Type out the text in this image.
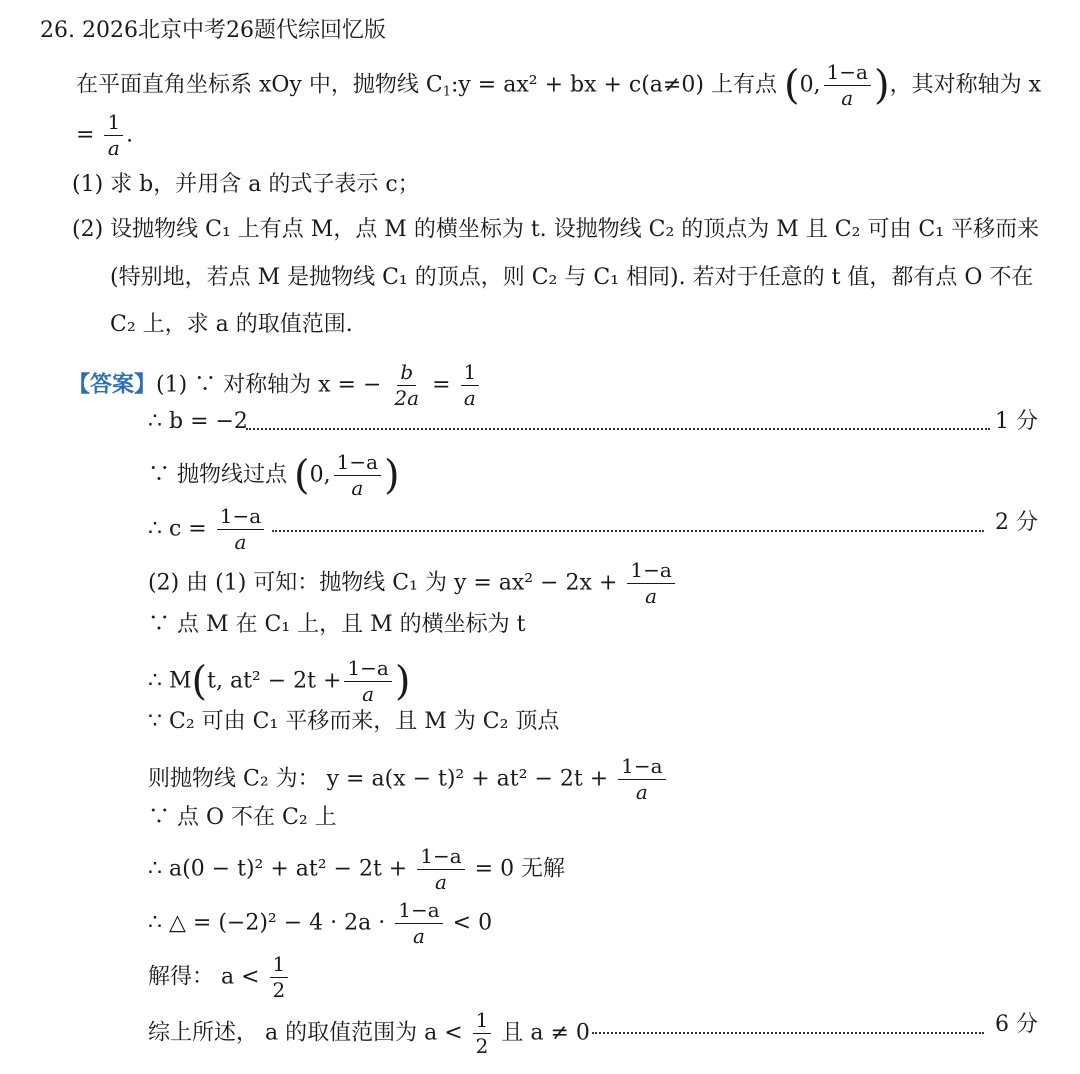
26. 2026北京中考26题代综回忆版
在平面直角坐标系 xOy 中，抛物线 $C_1:y = ax^2$ + bx + c(a≠0) 上有点 (0, $\frac{1-a}{a}$ )，其对称轴为 x
= $\frac{1}{a}$ .
(1) 求 b，并用含 a 的式子表示 c；
(2) 设抛物线 C₁ 上有点 M，点 M 的横坐标为 t. 设抛物线 C₂ 的顶点为 M 且 C₂ 可由 C₁ 平移而来
(特别地，若点 M 是抛物线 C₁ 的顶点，则 C₂ 与 C₁ 相同). 若对于任意的 t 值，都有点 O 不在
C₂ 上，求 a 的取值范围.
【答案】(1) ∵ 对称轴为 x = − $\frac{b}{2a} = \frac{1}{a}$
∴ b = −2	1 分
∵ 抛物线过点 (0, $\frac{1-a}{a}$ )
∴ $c = \frac{1-a}{a}$	2 分
(2) 由 (1) 可知：抛物线 C₁ 为 $y = ax^2 - 2x + \frac{1-a}{a}$
∵ 点 M 在 C₁ 上，且 M 的横坐标为 t
∴ M(t, $at^2 - 2t + \frac{1-a}{a}$ )
∵ C₂ 可由 C₁ 平移而来，且 M 为 C₂ 顶点
则抛物线 C₂ 为： $y = a(x - t)^2 + at^2 - 2t + \frac{1-a}{a}$
∵ 点 O 不在 C₂ 上
∴ $a(0 - t)^2 + at^2 - 2t + \frac{1-a}{a} = 0$ 无解
∴ △ = $(-2)^2 - 4 \cdot 2a \cdot \frac{1-a}{a} < 0$
解得： $a < \frac{1}{2}$
综上所述， a 的取值范围为 $a < \frac{1}{2}$ 且 a ≠ 0	6 分
